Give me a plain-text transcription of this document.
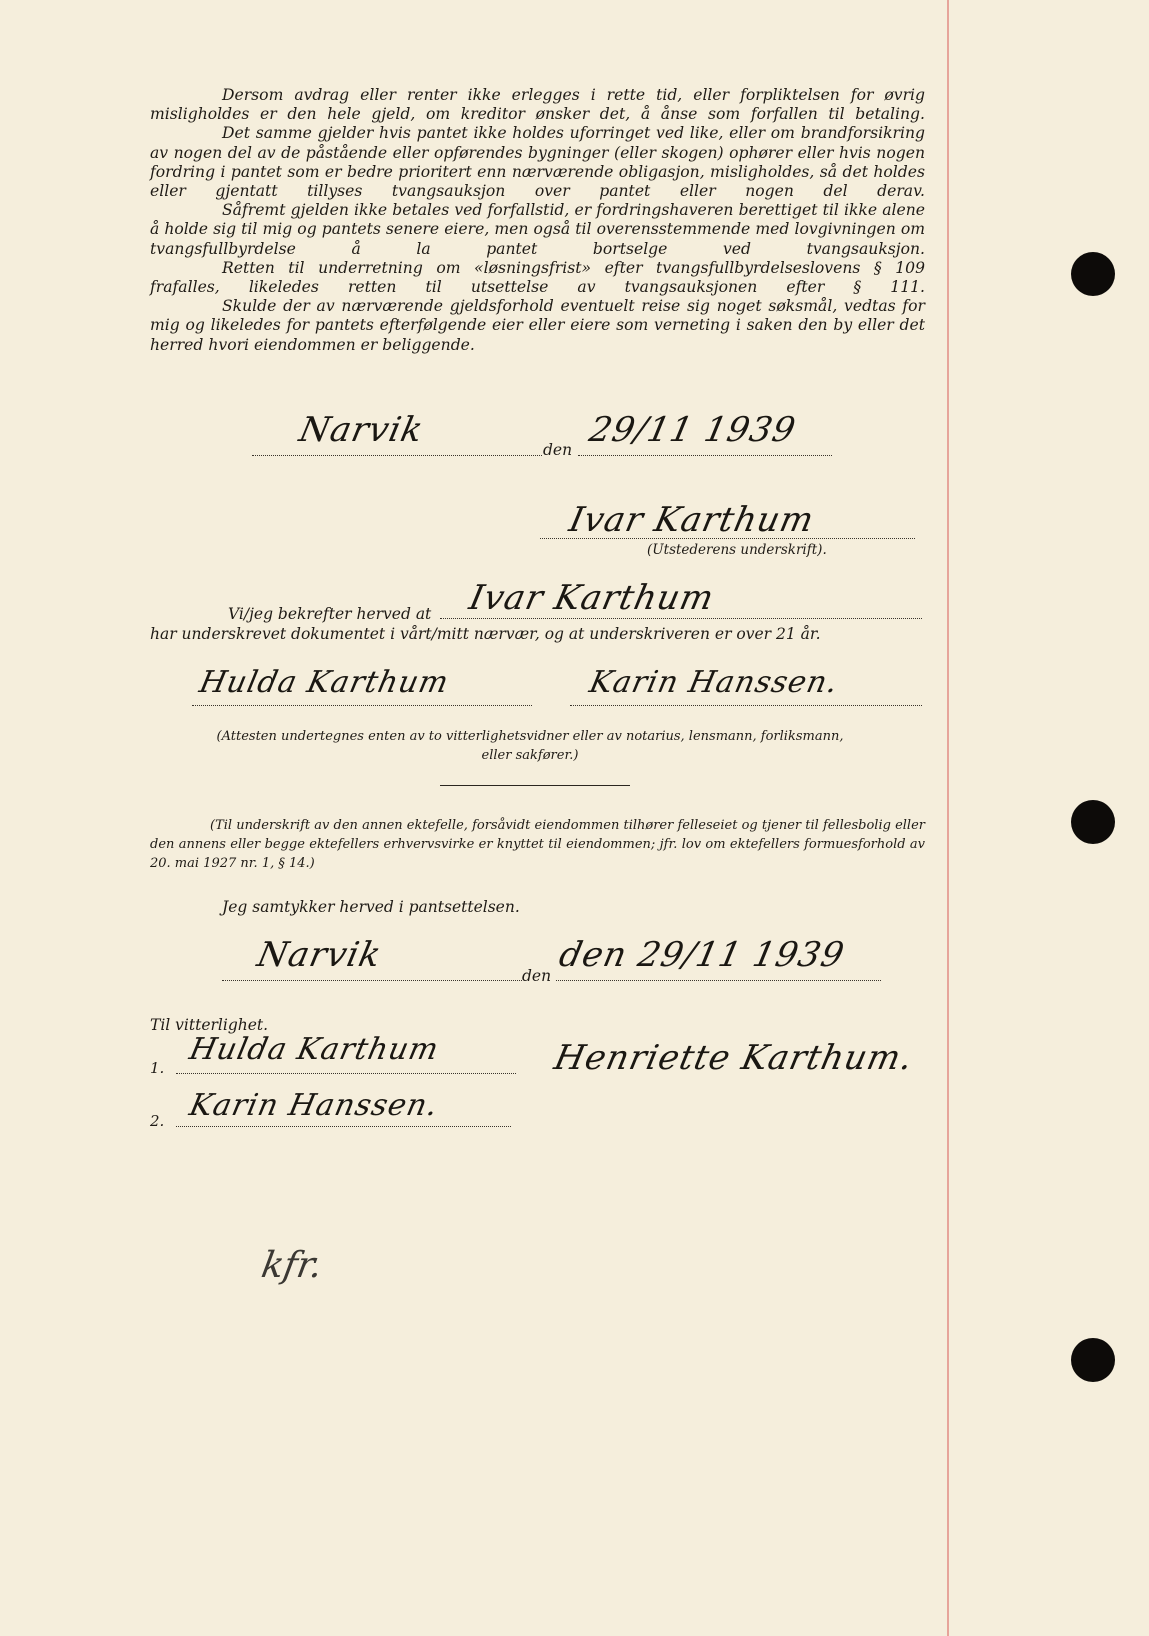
Dersom avdrag eller renter ikke erlegges i rette tid, eller forpliktelsen for øvrig misligholdes er den hele gjeld, om kreditor ønsker det, å ånse som forfallen til betaling.

Det samme gjelder hvis pantet ikke holdes uforringet ved like, eller om brandforsikring av nogen del av de påstående eller opførendes bygninger (eller skogen) ophører eller hvis nogen fordring i pantet som er bedre prioritert enn nærværende obligasjon, misligholdes, så det holdes eller gjentatt tillyses tvangsauksjon over pantet eller nogen del derav.

Såfremt gjelden ikke betales ved forfallstid, er fordringshaveren berettiget til ikke alene å holde sig til mig og pantets senere eiere, men også til overensstemmende med lovgivningen om tvangsfullbyrdelse å la pantet bortselge ved tvangsauksjon.

Retten til underretning om «løsningsfrist» efter tvangsfullbyrdelseslovens § 109 frafalles, likeledes retten til utsettelse av tvangsauksjonen efter § 111.

Skulde der av nærværende gjeldsforhold eventuelt reise sig noget søksmål, vedtas for mig og likeledes for pantets efterfølgende eier eller eiere som verneting i saken den by eller det herred hvori eiendommen er beliggende.

Narvik	den 29/11 1939
Ivar Karthum
(Utstederens underskrift).
Vi/jeg bekrefter herved at Ivar Karthum
har underskrevet dokumentet i vårt/mitt nærvær, og at underskriveren er over 21 år.
Hulda Karthum	Karin Hanssen.
(Attesten undertegnes enten av to vitterlighetsvidner eller av notarius, lensmann, forliksmann, eller sakfører.)
(Til underskrift av den annen ektefelle, forsåvidt eiendommen tilhører felleseiet og tjener til fellesbolig eller den annens eller begge ektefellers erhvervsvirke er knyttet til eiendommen; jfr. lov om ektefellers formuesforhold av 20. mai 1927 nr. 1, § 14.)
Jeg samtykker herved i pantsettelsen.
Narvik
den
den 29/11 1939
Til vitterlighet.
1.
Hulda Karthum	Henriette Karthum.
2. Karin Hanssen.
kfr.
